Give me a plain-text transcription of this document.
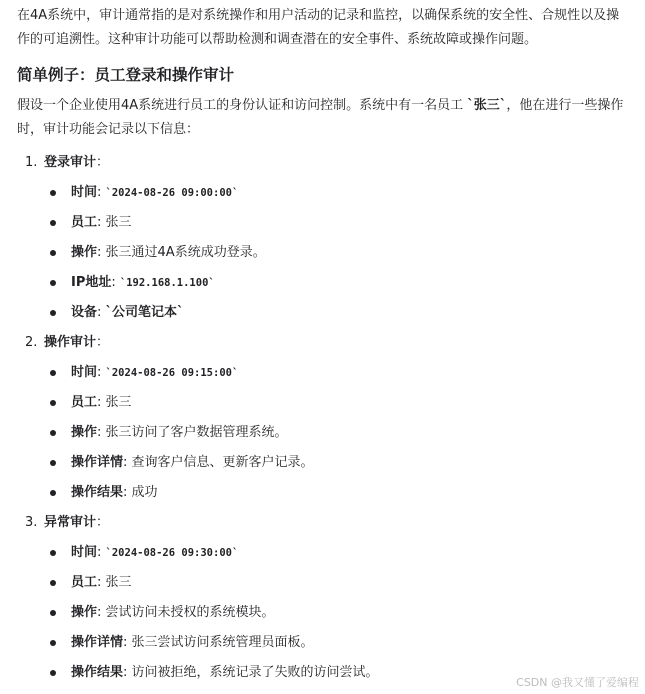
在4A系统中，审计通常指的是对系统操作和用户活动的记录和监控，以确保系统的安全性、合规性以及操作的可追溯性。这种审计功能可以帮助检测和调查潜在的安全事件、系统故障或操作问题。

简单例子：员工登录和操作审计

假设一个企业使用4A系统进行员工的身份认证和访问控制。系统中有一名员工 `张三`，他在进行一些操作时，审计功能会记录以下信息：

1. 登录审计：
时间: `2024-08-26 09:00:00`
员工: 张三
操作: 张三通过4A系统成功登录。
IP地址: `192.168.1.100`
设备: `公司笔记本`
2. 操作审计：
时间: `2024-08-26 09:15:00`
员工: 张三
操作: 张三访问了客户数据管理系统。
操作详情: 查询客户信息、更新客户记录。
操作结果: 成功
3. 异常审计：
时间: `2024-08-26 09:30:00`
员工: 张三
操作: 尝试访问未授权的系统模块。
操作详情: 张三尝试访问系统管理员面板。
操作结果: 访问被拒绝，系统记录了失败的访问尝试。
CSDN @我又懂了爱编程
